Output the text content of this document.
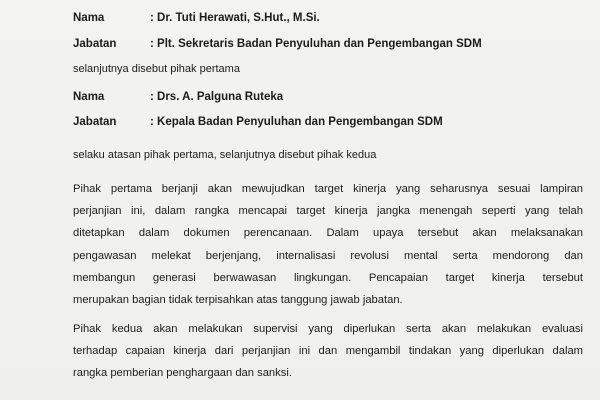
Nama	: Dr. Tuti Herawati, S.Hut., M.Si.
Jabatan	: Plt. Sekretaris Badan Penyuluhan dan Pengembangan SDM
selanjutnya disebut pihak pertama
Nama	: Drs. A. Palguna Ruteka
Jabatan	: Kepala Badan Penyuluhan dan Pengembangan SDM
selaku atasan pihak pertama, selanjutnya disebut pihak kedua
Pihak pertama berjanji akan mewujudkan target kinerja yang seharusnya sesuai lampiran
perjanjian ini, dalam rangka mencapai target kinerja jangka menengah seperti yang telah
ditetapkan dalam dokumen perencanaan. Dalam upaya tersebut akan melaksanakan
pengawasan melekat berjenjang, internalisasi revolusi mental serta mendorong dan
membangun generasi berwawasan lingkungan. Pencapaian target kinerja tersebut
merupakan bagian tidak terpisahkan atas tanggung jawab jabatan.
Pihak kedua akan melakukan supervisi yang diperlukan serta akan melakukan evaluasi
terhadap capaian kinerja dari perjanjian ini dan mengambil tindakan yang diperlukan dalam
rangka pemberian penghargaan dan sanksi.
